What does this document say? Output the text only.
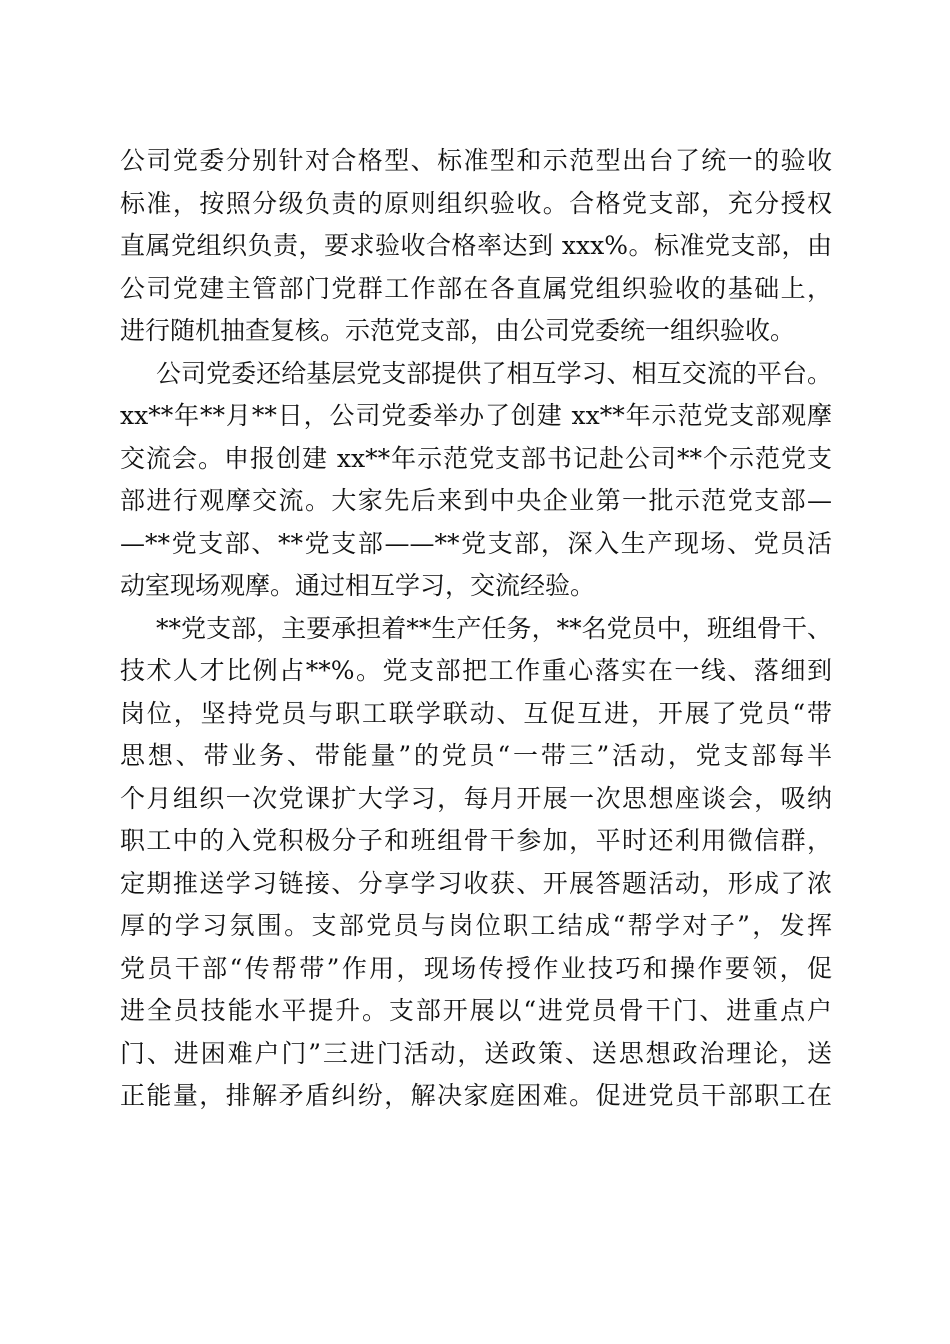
公司党委分别针对合格型、标准型和示范型出台了统一的验收
标准，按照分级负责的原则组织验收。合格党支部，充分授权
直属党组织负责，要求验收合格率达到 xxx%。标准党支部，由
公司党建主管部门党群工作部在各直属党组织验收的基础上，
进行随机抽查复核。示范党支部，由公司党委统一组织验收。
公司党委还给基层党支部提供了相互学习、相互交流的平台。
xx**年**月**日，公司党委举办了创建 xx**年示范党支部观摩
交流会。申报创建 xx**年示范党支部书记赴公司**个示范党支
部进行观摩交流。大家先后来到中央企业第一批示范党支部—
—**党支部、**党支部——**党支部，深入生产现场、党员活
动室现场观摩。通过相互学习，交流经验。
**党支部，主要承担着**生产任务，**名党员中，班组骨干、
技术人才比例占**%。党支部把工作重心落实在一线、落细到
岗位，坚持党员与职工联学联动、互促互进，开展了党员“带
思想、带业务、带能量”的党员“一带三”活动，党支部每半
个月组织一次党课扩大学习，每月开展一次思想座谈会，吸纳
职工中的入党积极分子和班组骨干参加，平时还利用微信群，
定期推送学习链接、分享学习收获、开展答题活动，形成了浓
厚的学习氛围。支部党员与岗位职工结成“帮学对子”，发挥
党员干部“传帮带”作用，现场传授作业技巧和操作要领，促
进全员技能水平提升。支部开展以“进党员骨干门、进重点户
门、进困难户门”三进门活动，送政策、送思想政治理论，送
正能量，排解矛盾纠纷，解决家庭困难。促进党员干部职工在
